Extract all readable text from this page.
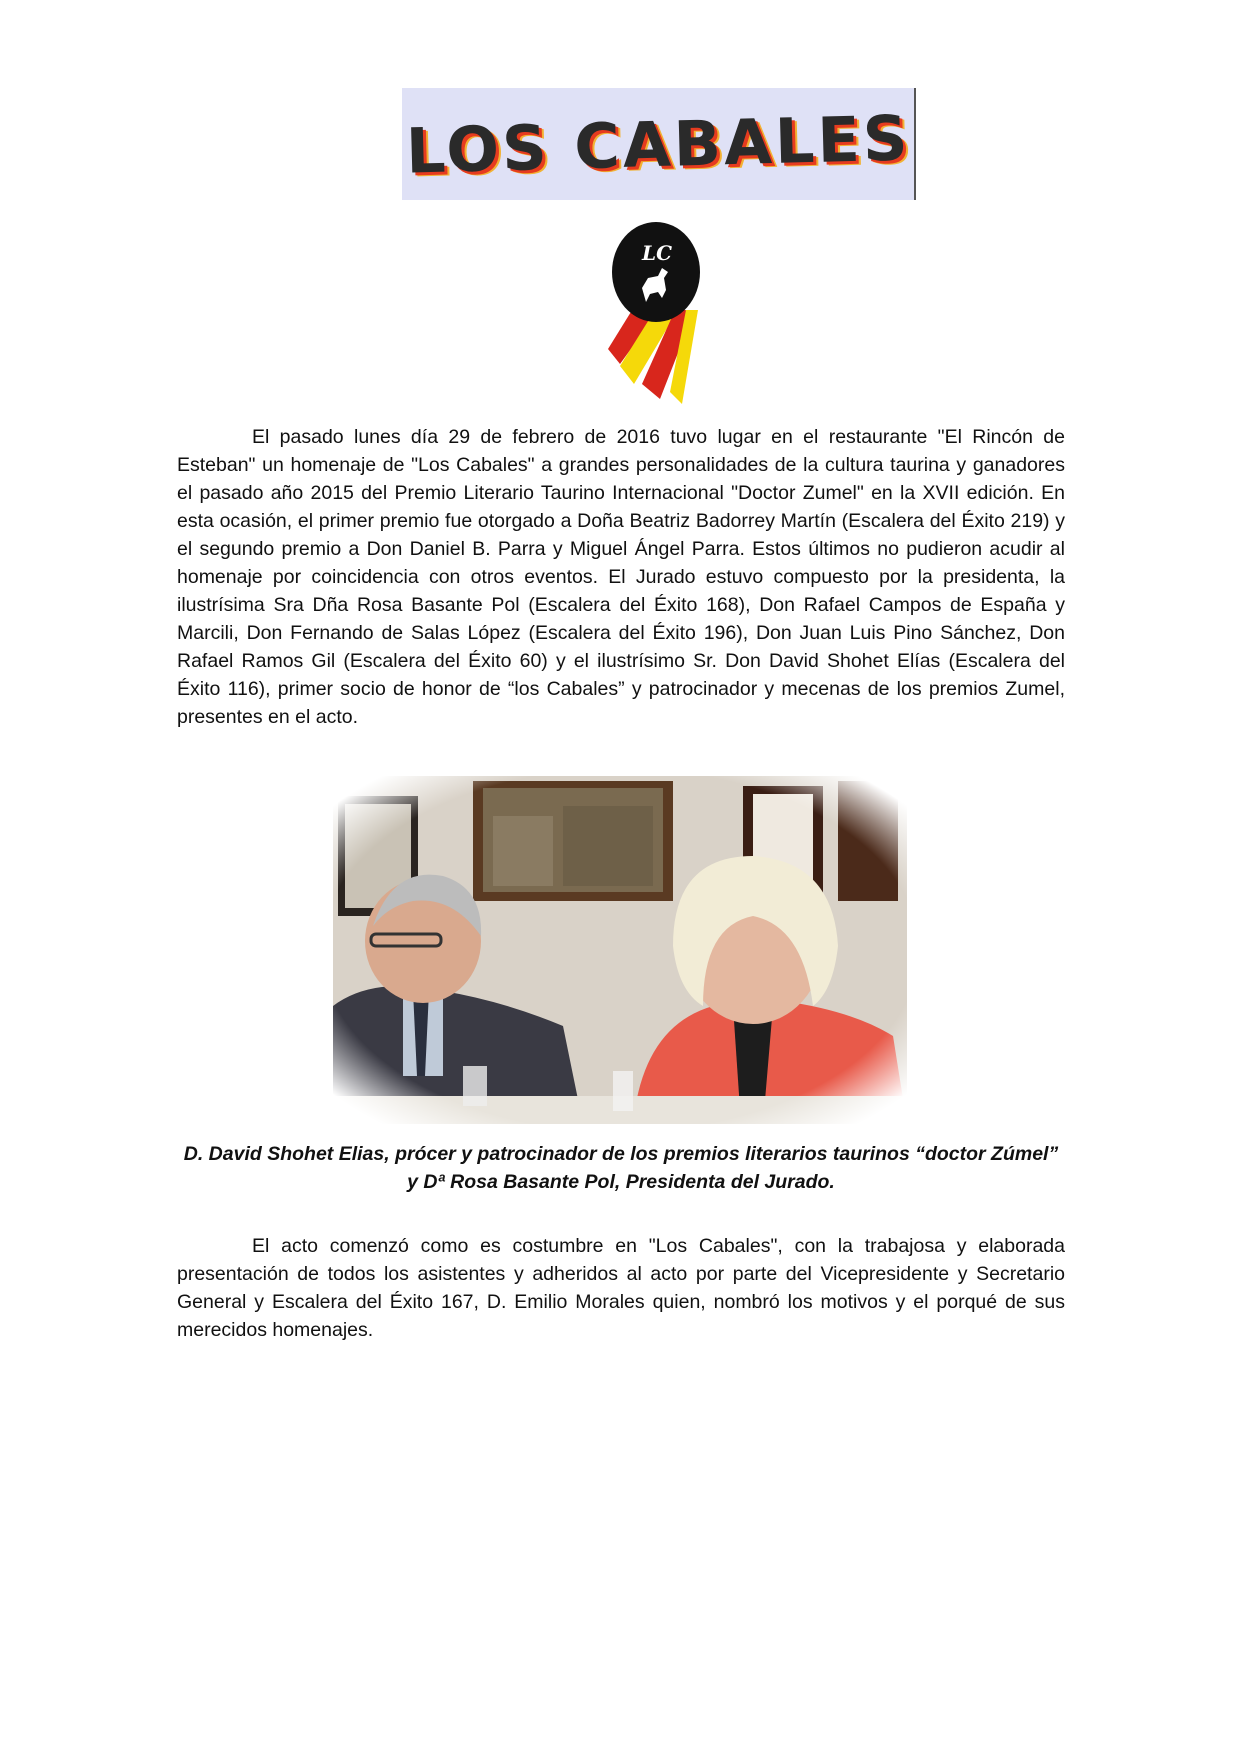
LOS CABALES
LC

El pasado lunes día 29 de febrero de 2016 tuvo lugar en el restaurante "El Rincón de Esteban" un homenaje de "Los Cabales" a grandes personalidades de la cultura taurina y ganadores el pasado año 2015 del Premio Literario Taurino Internacional "Doctor Zumel" en la XVII edición. En esta ocasión, el primer premio fue otorgado a Doña Beatriz Badorrey Martín (Escalera del Éxito 219) y el segundo premio a Don Daniel B. Parra y Miguel Ángel Parra. Estos últimos no pudieron acudir al homenaje por coincidencia con otros eventos. El Jurado estuvo compuesto por la presidenta, la ilustrísima Sra Dña Rosa Basante Pol (Escalera del Éxito 168), Don Rafael Campos de España y Marcili, Don Fernando de Salas López (Escalera del Éxito 196), Don Juan Luis Pino Sánchez, Don Rafael Ramos Gil (Escalera del Éxito 60) y el ilustrísimo Sr. Don David Shohet Elías (Escalera del Éxito 116), primer socio de honor de “los Cabales” y patrocinador y mecenas de los premios Zumel, presentes en el acto.

D. David Shohet Elias, prócer y patrocinador de los premios literarios taurinos “doctor Zúmel”
y Dª Rosa Basante Pol, Presidenta del Jurado.

El acto comenzó como es costumbre en "Los Cabales", con la trabajosa y elaborada presentación de todos los asistentes y adheridos al acto por parte del Vicepresidente y Secretario General y Escalera del Éxito 167, D. Emilio Morales quien, nombró los motivos y el porqué de sus merecidos homenajes.
